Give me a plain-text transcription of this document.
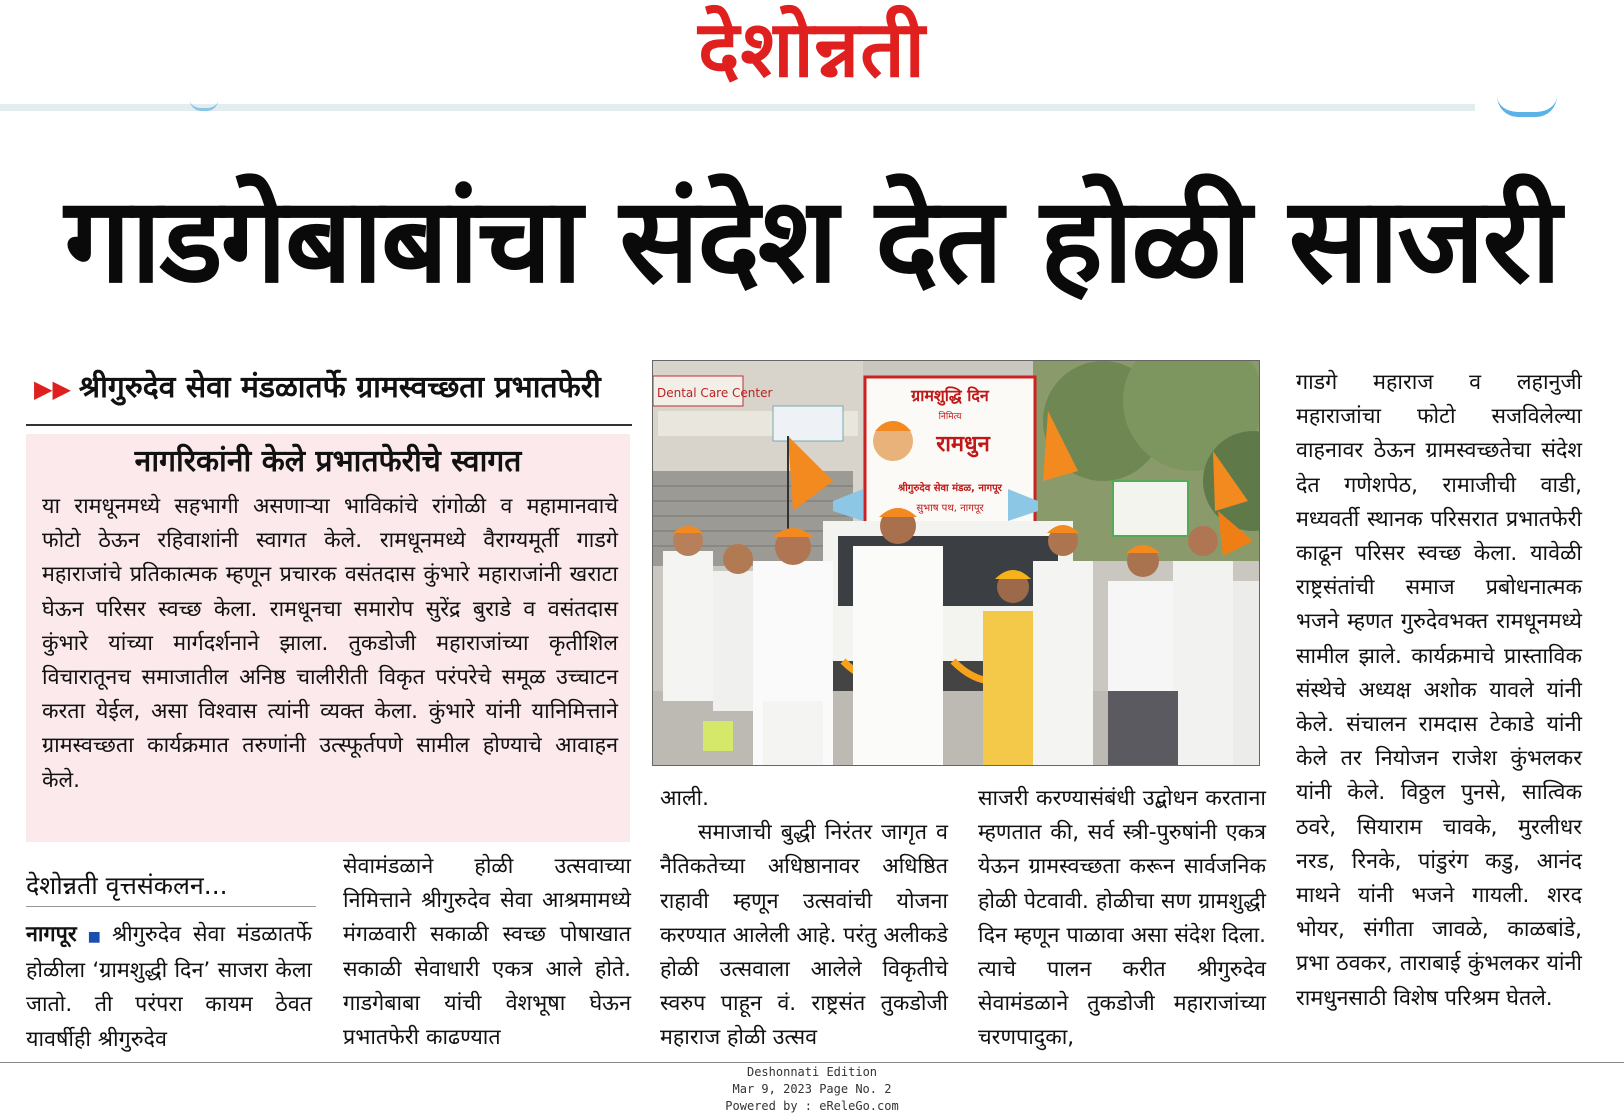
देशोन्नती
गाडगेबाबांचा संदेश देत होळी साजरी
▶▶ श्रीगुरुदेव सेवा मंडळातर्फे ग्रामस्वच्छता प्रभातफेरी
नागरिकांनी केले प्रभातफेरीचे स्वागत
या रामधूनमध्ये सहभागी असणाऱ्या भाविकांचे रांगोळी व महामानवाचे फोटो ठेऊन रहिवाशांनी स्वागत केले. रामधूनमध्ये वैराग्यमूर्ती गाडगे महाराजांचे प्रतिकात्मक म्हणून प्रचारक वसंतदास कुंभारे महाराजांनी खराटा घेऊन परिसर स्वच्छ केला. रामधूनचा समारोप सुरेंद्र बुराडे व वसंतदास कुंभारे यांच्या मार्गदर्शनाने झाला. तुकडोजी महाराजांच्या कृतीशिल विचारातूनच समाजातील अनिष्ठ चालीरीती विकृत परंपरेचे समूळ उच्चाटन करता येईल, असा विश्वास त्यांनी व्यक्त केला. कुंभारे यांनी यानिमित्ताने ग्रामस्वच्छता कार्यक्रमात तरुणांनी उत्स्फूर्तपणे सामील होण्याचे आवाहन केले.
देशोन्नती वृत्तसंकलन...
नागपूर ■ श्रीगुरुदेव सेवा मंडळातर्फे होळीला ‘ग्रामशुद्धी दिन’ साजरा केला जातो. ती परंपरा कायम ठेवत यावर्षीही श्रीगुरुदेव
सेवामंडळाने होळी उत्सवाच्या निमित्ताने श्रीगुरुदेव सेवा आश्रमामध्ये मंगळवारी सकाळी स्वच्छ पोषाखात सकाळी सेवाधारी एकत्र आले होते. गाडगेबाबा यांची वेशभूषा घेऊन प्रभातफेरी काढण्यात
आली.
समाजाची बुद्धी निरंतर जागृत व नैतिकतेच्या अधिष्ठानावर अधिष्ठित राहावी म्हणून उत्सवांची योजना करण्यात आलेली आहे. परंतु अलीकडे होळी उत्सवाला आलेले विकृतीचे स्वरुप पाहून वं. राष्ट्रसंत तुकडोजी महाराज होळी उत्सव
साजरी करण्यासंबंधी उद्बोधन करताना म्हणतात की, सर्व स्त्री-पुरुषांनी एकत्र येऊन ग्रामस्वच्छता करून सार्वजनिक होळी पेटवावी. होळीचा सण ग्रामशुद्धी दिन म्हणून पाळावा असा संदेश दिला. त्याचे पालन करीत श्रीगुरुदेव सेवामंडळाने तुकडोजी महाराजांच्या चरणपादुका,
गाडगे महाराज व लहानुजी महाराजांचा फोटो सजविलेल्या वाहनावर ठेऊन ग्रामस्वच्छतेचा संदेश देत गणेशपेठ, रामाजीची वाडी, मध्यवर्ती स्थानक परिसरात प्रभातफेरी काढून परिसर स्वच्छ केला. यावेळी राष्ट्रसंतांची समाज प्रबोधनात्मक भजने म्हणत गुरुदेवभक्त रामधूनमध्ये सामील झाले. कार्यक्रमाचे प्रास्ताविक संस्थेचे अध्यक्ष अशोक यावले यांनी केले. संचालन रामदास टेकाडे यांनी केले तर नियोजन राजेश कुंभलकर यांनी केले. विठ्ठल पुनसे, सात्विक ठवरे, सियाराम चावके, मुरलीधर नरड, रिनके, पांडुरंग कडु, आनंद माथने यांनी भजने गायली. शरद भोयर, संगीता जावळे, काळबांडे, प्रभा ठवकर, ताराबाई कुंभलकर यांनी रामधुनसाठी विशेष परिश्रम घेतले.
Dental Care Center	ग्रामशुद्धि दिन
निमित्य
रामधुन
श्रीगुरुदेव सेवा मंडळ, नागपूर
सुभाष पथ, नागपूर
Deshonnati Edition
Mar 9, 2023 Page No. 2
Powered by : eReleGo.com
